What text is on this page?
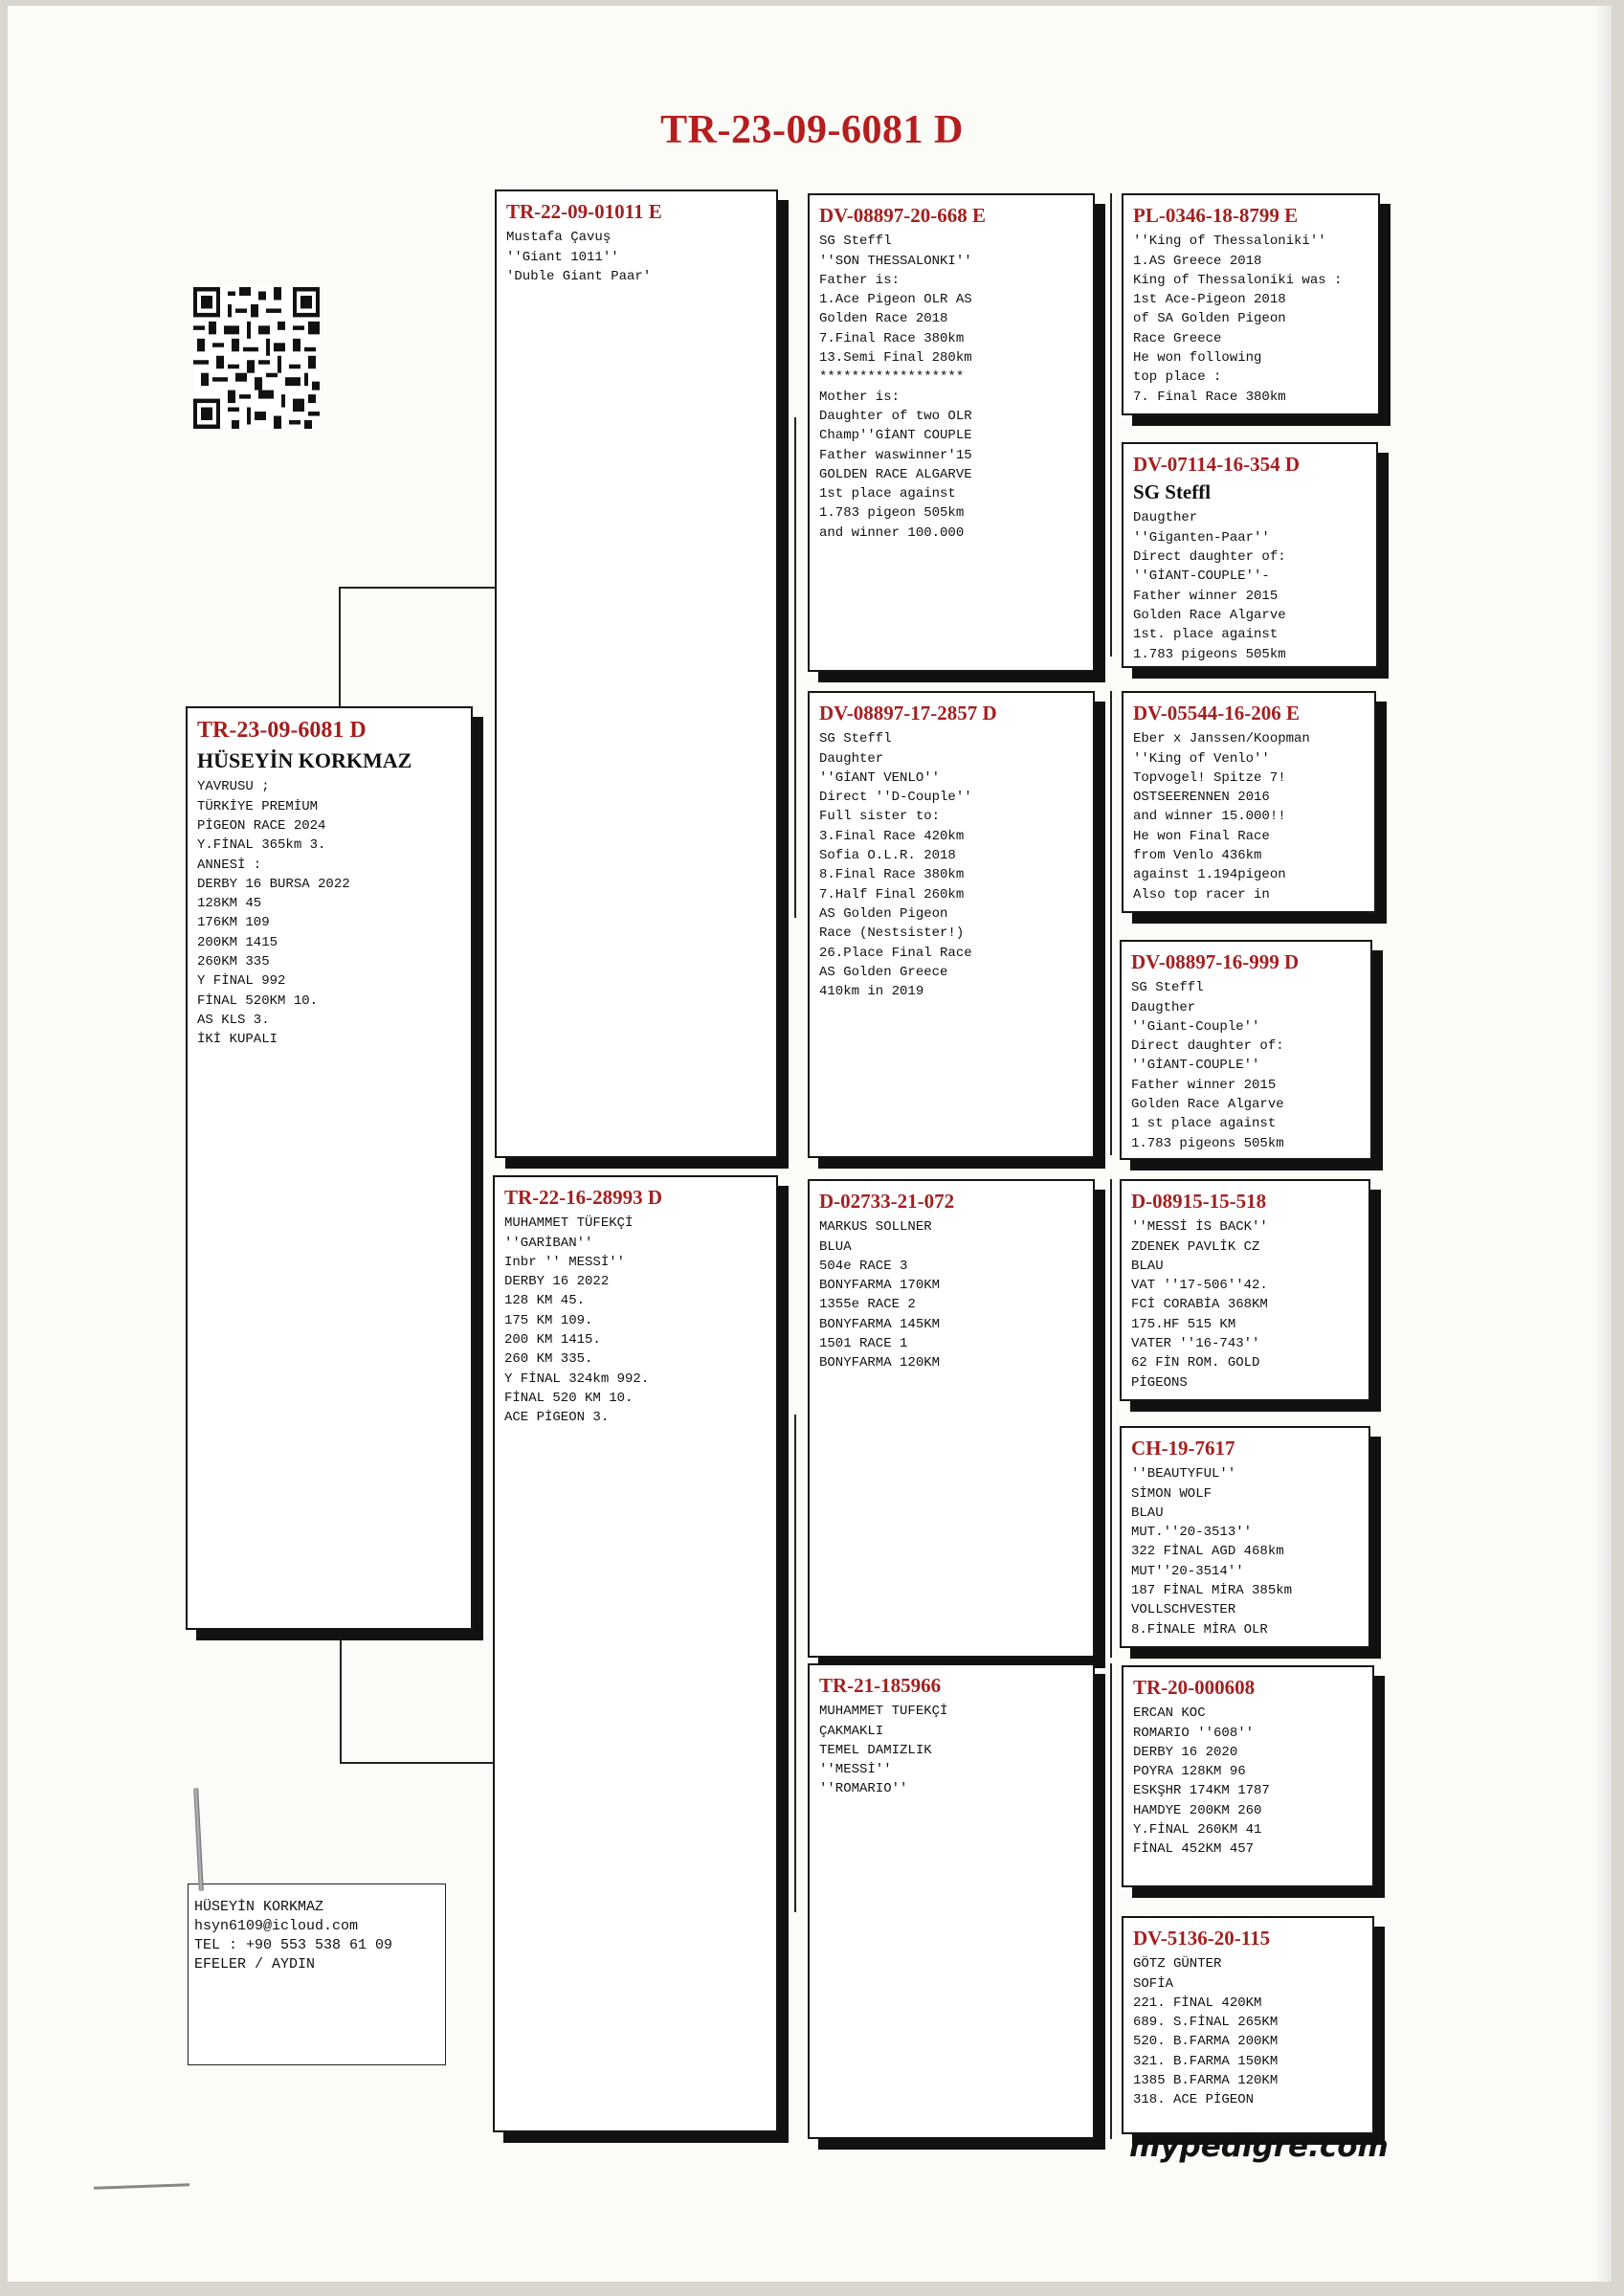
TR-23-09-6081 D
TR-23-09-6081 D
HÜSEYİN KORKMAZ
YAVRUSU ;
TÜRKİYE PREMİUM
PİGEON RACE 2024
Y.FİNAL 365km 3.
ANNESİ :
DERBY 16 BURSA 2022
128KM 45
176KM 109
200KM 1415
260KM 335
Y FİNAL 992
FİNAL 520KM 10.
AS KLS 3.
İKİ KUPALI
TR-22-09-01011 E
Mustafa Çavuş
''Giant 1011''
'Duble Giant Paar'
TR-22-16-28993 D
MUHAMMET TÜFEKÇİ
''GARİBAN''
Inbr '' MESSİ''
DERBY 16 2022
128 KM 45.
175 KM 109.
200 KM 1415.
260 KM 335.
Y FİNAL 324km 992.
FİNAL 520 KM 10.
ACE PİGEON 3.
DV-08897-20-668 E
SG Steffl
''SON THESSALONKI''
Father is:
1.Ace Pigeon OLR AS
Golden Race 2018
7.Final Race 380km
13.Semi Final 280km
******************
Mother is:
Daughter of two OLR
Champ''GİANT COUPLE
Father waswinner'15
GOLDEN RACE ALGARVE
1st place against
1.783 pigeon 505km
and winner 100.000
DV-08897-17-2857 D
SG Steffl
Daughter
''GİANT VENLO''
Direct ''D-Couple''
Full sister to:
3.Final Race 420km
Sofia O.L.R. 2018
8.Final Race 380km
7.Half Final 260km
AS Golden Pigeon
Race (Nestsister!)
26.Place Final Race
AS Golden Greece
410km in 2019
D-02733-21-072
MARKUS SOLLNER
BLUA
504e RACE 3
BONYFARMA 170KM
1355e RACE 2
BONYFARMA 145KM
1501 RACE 1
BONYFARMA 120KM
TR-21-185966
MUHAMMET TUFEKÇİ
ÇAKMAKLI
TEMEL DAMIZLIK
''MESSİ''
''ROMARIO''
PL-0346-18-8799 E
''King of Thessaloniki''
1.AS Greece 2018
King of Thessaloniki was :
1st Ace-Pigeon 2018
of SA Golden Pigeon
Race Greece
He won following
top place :
7. Final Race 380km
DV-07114-16-354 D
SG Steffl
Daugther
''Giganten-Paar''
Direct daughter of:
''GİANT-COUPLE''-
Father winner 2015
Golden Race Algarve
1st. place against
1.783 pigeons 505km
DV-05544-16-206 E
Eber x Janssen/Koopman
''King of Venlo''
Topvogel! Spitze 7!
OSTSEERENNEN 2016
and winner 15.000!!
He won Final Race
from Venlo 436km
against 1.194pigeon
Also top racer in
DV-08897-16-999 D
SG Steffl
Daugther
''Giant-Couple''
Direct daughter of:
''GİANT-COUPLE''
Father winner 2015
Golden Race Algarve
1 st place against
1.783 pigeons 505km
D-08915-15-518
''MESSİ İS BACK''
ZDENEK PAVLİK CZ
BLAU
VAT ''17-506''42.
FCİ CORABİA 368KM
175.HF 515 KM
VATER ''16-743''
62 FİN ROM. GOLD
PİGEONS
CH-19-7617
''BEAUTYFUL''
SİMON WOLF
BLAU
MUT.''20-3513''
322 FİNAL AGD 468km
MUT''20-3514''
187 FİNAL MİRA 385km
VOLLSCHVESTER
8.FİNALE MİRA OLR
TR-20-000608
ERCAN KOC
ROMARIO ''608''
DERBY 16 2020
POYRA 128KM 96
ESKŞHR 174KM 1787
HAMDYE 200KM 260
Y.FİNAL 260KM 41
FİNAL 452KM 457
DV-5136-20-115
GÖTZ GÜNTER
SOFİA
221. FİNAL 420KM
689. S.FİNAL 265KM
520. B.FARMA 200KM
321. B.FARMA 150KM
1385 B.FARMA 120KM
318. ACE PİGEON
HÜSEYİN KORKMAZ
hsyn6109@icloud.com
TEL : +90 553 538 61 09
EFELER / AYDIN
mypedigre.com
